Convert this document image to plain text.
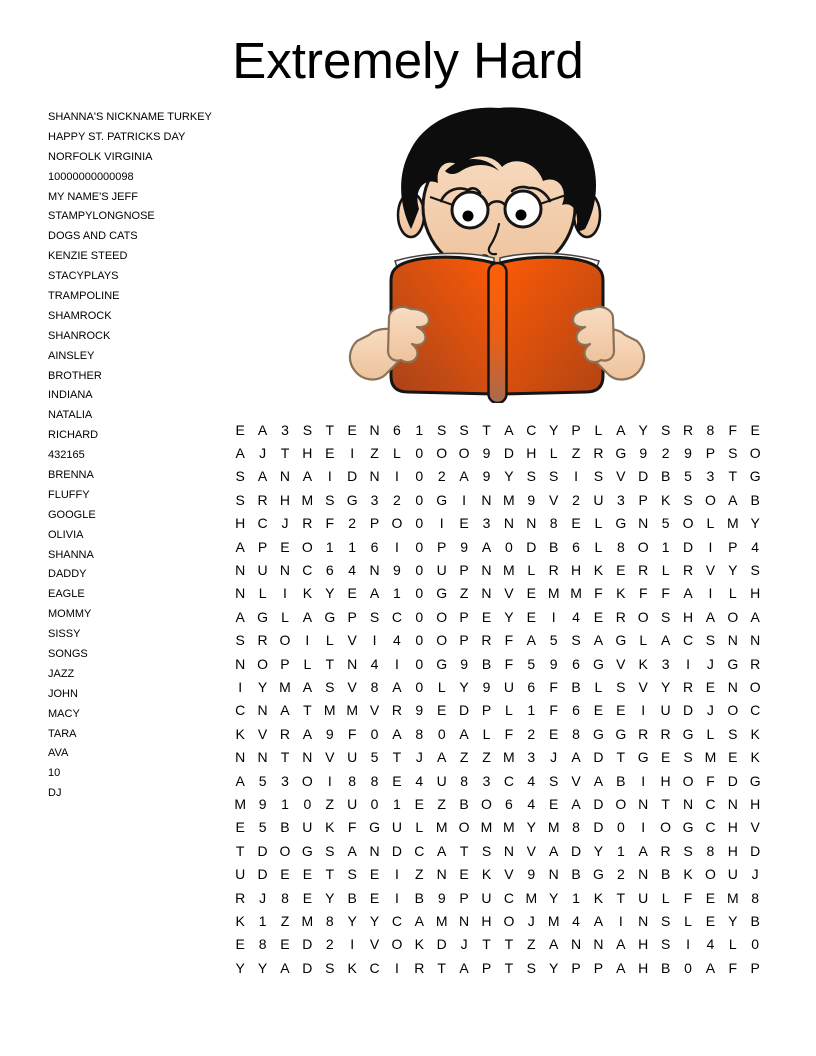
Extremely Hard
SHANNA'S NICKNAME TURKEY
HAPPY ST. PATRICKS DAY
NORFOLK VIRGINIA
10000000000098
MY NAME'S JEFF
STAMPYLONGNOSE
DOGS AND CATS
KENZIE STEED
STACYPLAYS
TRAMPOLINE
SHAMROCK
SHANROCK
AINSLEY
BROTHER
INDIANA
NATALIA
RICHARD
432165
BRENNA
FLUFFY
GOOGLE
OLIVIA
SHANNA
DADDY
EAGLE
MOMMY
SISSY
SONGS
JAZZ
JOHN
MACY
TARA
AVA
10
DJ
E A 3 S T E N 6	1 S S T A C Y P L A Y S R 8	F E
A	J	T H E	I	Z	L	0 O O 9 D H L	Z R G 9	2	9 P S O
S A N A	I	D N	I	0	2 A 9 Y S S	I	S V D B 5	3	T G
S R H M S G 3	2	0 G	I	N M 9 V 2 U 3 P K S O A B
H C J R F	2 P O 0	I	E 3 N N 8 E L G N 5 O L M Y
A P E O 1	1	6	I	0 P 9 A 0 D B 6	L	8 O 1 D	I	P 4
N U N C 6	4 N 9	0 U P N M L R H K E R L R V Y S
N L	I	K Y E A 1	0 G Z N V E M M F K F F A	I	L H
A G L A G P S C 0 O P E Y E	I	4 E R O S H A O A
S R O	I	L V	I	4	0 O P R F A 5 S A G L A C S N N
N O P L	T N 4	I	0 G 9 B F	5	9	6 G V K 3	I	J G R
I	Y M A S V 8 A 0	L Y 9 U 6	F B L S V Y R E N O
C N A T M M V R 9 E D P L	1	F	6 E E	I	U D J O C
K V R A 9	F	0 A 8	0 A L	F	2 E 8 G G R R G L S K
N N T N V U 5	T	J	A Z Z M 3	J	A D T G E S M E K
A 5	3 O	I	8	8 E 4 U 8	3 C 4 S V A B	I	H O F D G
M 9	1	0	Z U 0	1 E Z B O 6	4 E A D O N T N C N H
E 5 B U K F G U L M O M M Y M 8 D 0	I	O G C H V
T D O G S A N D C A T S N V A D Y 1 A R S 8 H D
U D E E T S E	I	Z N E K V 9 N B G 2 N B K O U J
R J	8 E Y B E	I	B 9 P U C M Y 1 K T U L	F E M 8
K 1	Z M 8 Y Y C A M N H O J M 4 A	I	N S L E Y B
E 8 E D 2	I	V O K D J	T T Z A N N A H S	I	4	L	0
Y Y A D S K C	I	R T A P T S Y P P A H B 0 A F P
